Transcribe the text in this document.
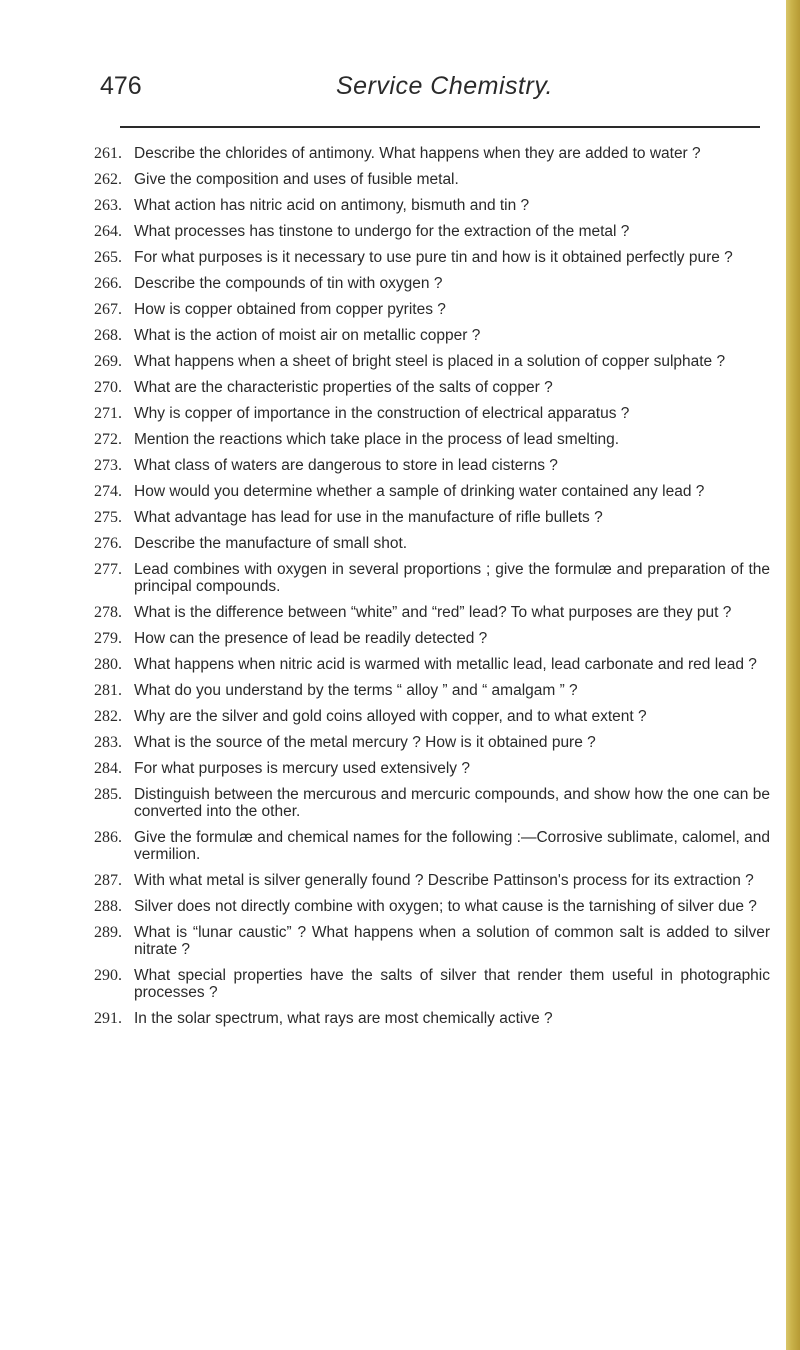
476	Service Chemistry.
261. Describe the chlorides of antimony. What happens when they are added to water ?
262. Give the composition and uses of fusible metal.
263. What action has nitric acid on antimony, bismuth and tin ?
264. What processes has tinstone to undergo for the extraction of the metal ?
265. For what purposes is it necessary to use pure tin and how is it obtained perfectly pure ?
266. Describe the compounds of tin with oxygen ?
267. How is copper obtained from copper pyrites ?
268. What is the action of moist air on metallic copper ?
269. What happens when a sheet of bright steel is placed in a solution of copper sulphate ?
270. What are the characteristic properties of the salts of copper ?
271. Why is copper of importance in the construction of electrical apparatus ?
272. Mention the reactions which take place in the process of lead smelting.
273. What class of waters are dangerous to store in lead cisterns ?
274. How would you determine whether a sample of drinking water contained any lead ?
275. What advantage has lead for use in the manufacture of rifle bullets ?
276. Describe the manufacture of small shot.
277. Lead combines with oxygen in several proportions ; give the formulæ and preparation of the principal compounds.
278. What is the difference between “white” and “red” lead? To what purposes are they put ?
279. How can the presence of lead be readily detected ?
280. What happens when nitric acid is warmed with metallic lead, lead carbonate and red lead ?
281. What do you understand by the terms “ alloy ” and “ amalgam ” ?
282. Why are the silver and gold coins alloyed with copper, and to what extent ?
283. What is the source of the metal mercury ? How is it obtained pure ?
284. For what purposes is mercury used extensively ?
285. Distinguish between the mercurous and mercuric compounds, and show how the one can be converted into the other.
286. Give the formulæ and chemical names for the following :—Corrosive sublimate, calomel, and vermilion.
287. With what metal is silver generally found ? Describe Pattinson's process for its extraction ?
288. Silver does not directly combine with oxygen; to what cause is the tarnishing of silver due ?
289. What is “lunar caustic” ? What happens when a solution of common salt is added to silver nitrate ?
290. What special properties have the salts of silver that render them useful in photographic processes ?
291. In the solar spectrum, what rays are most chemically active ?
